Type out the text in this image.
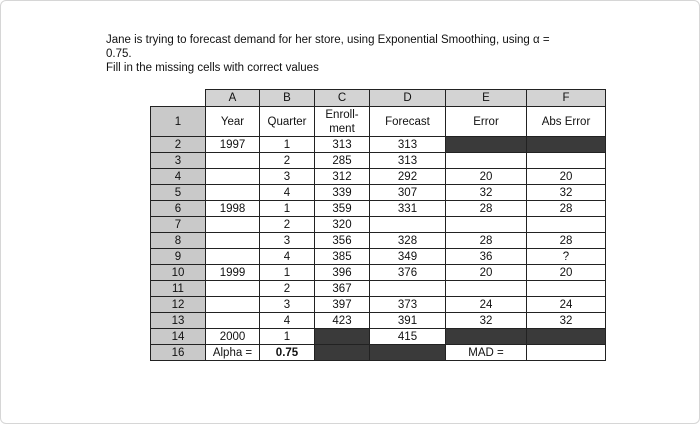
Jane is trying to forecast demand for her store, using Exponential Smoothing, using α =
0.75.
Fill in the missing cells with correct values
	A	B	C	D	E	F
1	Year	Quarter	Enroll-
ment	Forecast	Error	Abs Error
2	1997	1	313	313		
3		2	285	313		
4		3	312	292	20	20
5		4	339	307	32	32
6	1998	1	359	331	28	28
7		2	320			
8		3	356	328	28	28
9		4	385	349	36	?
10	1999	1	396	376	20	20
11		2	367			
12		3	397	373	24	24
13		4	423	391	32	32
14	2000	1		415		
16	Alpha =	0.75			MAD =	
